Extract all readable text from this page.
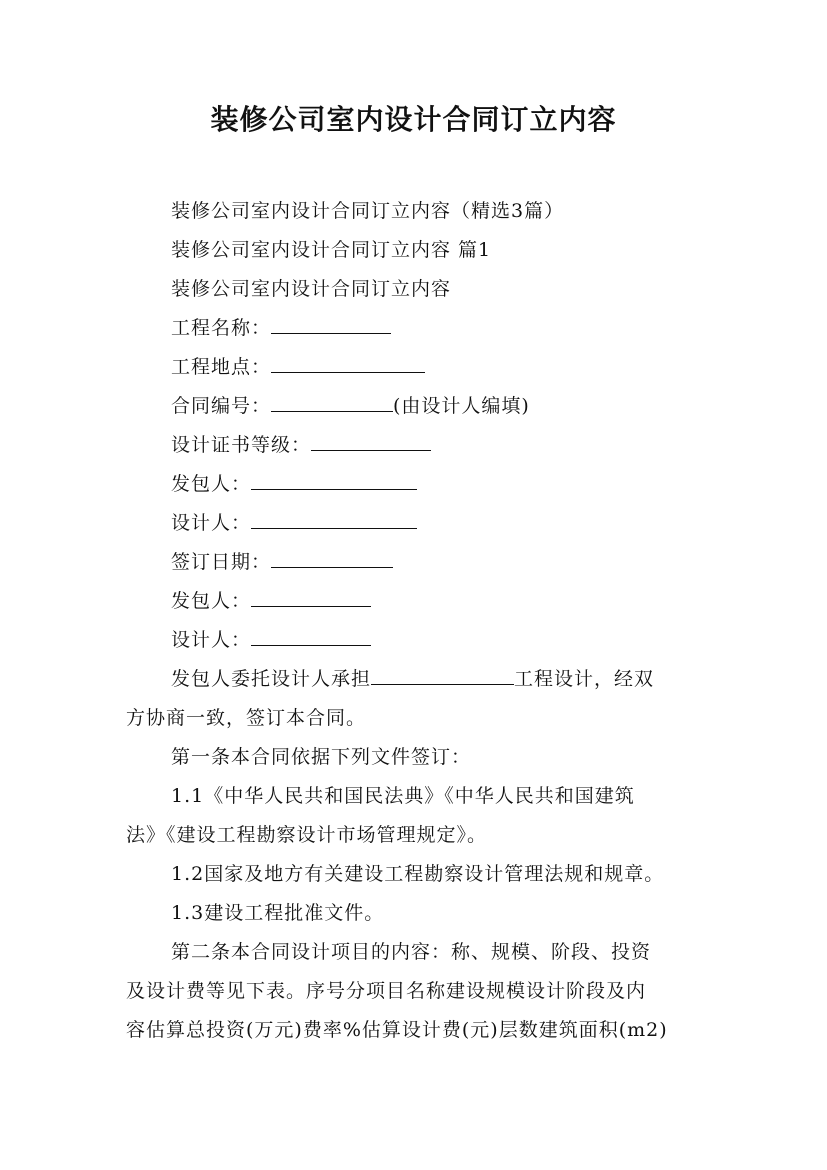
装修公司室内设计合同订立内容
装修公司室内设计合同订立内容（精选3篇）
装修公司室内设计合同订立内容 篇1
装修公司室内设计合同订立内容
工程名称：
工程地点：
合同编号：	(由设计人编填)
设计证书等级：
发包人：
设计人：
签订日期：
发包人：
设计人：
发包人委托设计人承担	工程设计，经双
方协商一致，签订本合同。
第一条本合同依据下列文件签订：
1.1《中华人民共和国民法典》《中华人民共和国建筑
法》《建设工程勘察设计市场管理规定》。
1.2国家及地方有关建设工程勘察设计管理法规和规章。
1.3建设工程批准文件。
第二条本合同设计项目的内容：称、规模、阶段、投资
及设计费等见下表。序号分项目名称建设规模设计阶段及内
容估算总投资(万元)费率%估算设计费(元)层数建筑面积(m2)
